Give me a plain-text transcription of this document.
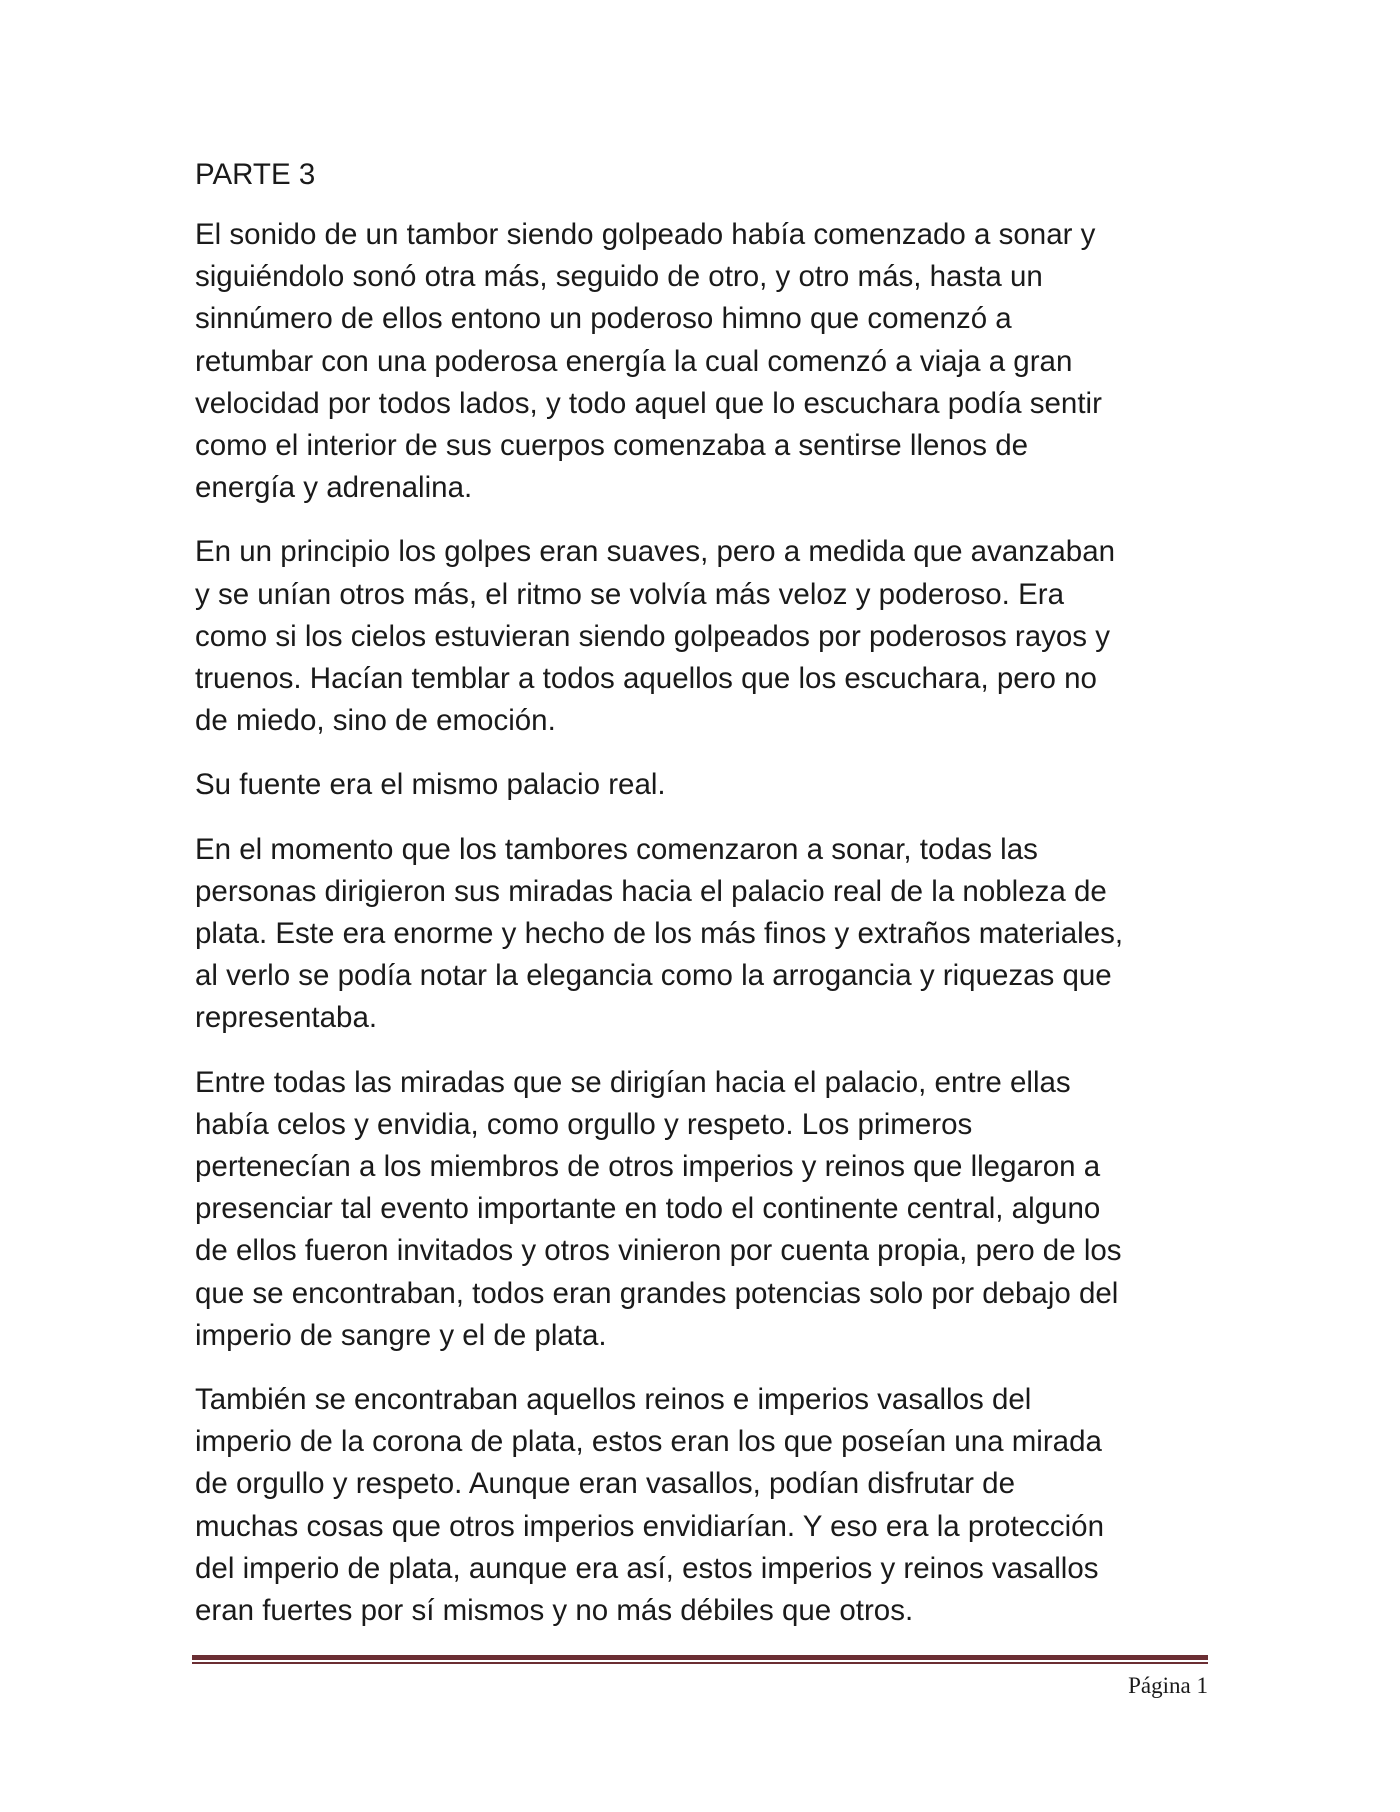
PARTE 3

El sonido de un tambor siendo golpeado había comenzado a sonar y
siguiéndolo sonó otra más, seguido de otro, y otro más, hasta un
sinnúmero de ellos entono un poderoso himno que comenzó a
retumbar con una poderosa energía la cual comenzó a viaja a gran
velocidad por todos lados, y todo aquel que lo escuchara podía sentir
como el interior de sus cuerpos comenzaba a sentirse llenos de
energía y adrenalina.

En un principio los golpes eran suaves, pero a medida que avanzaban
y se unían otros más, el ritmo se volvía más veloz y poderoso. Era
como si los cielos estuvieran siendo golpeados por poderosos rayos y
truenos. Hacían temblar a todos aquellos que los escuchara, pero no
de miedo, sino de emoción.

Su fuente era el mismo palacio real.

En el momento que los tambores comenzaron a sonar, todas las
personas dirigieron sus miradas hacia el palacio real de la nobleza de
plata. Este era enorme y hecho de los más finos y extraños materiales,
al verlo se podía notar la elegancia como la arrogancia y riquezas que
representaba.

Entre todas las miradas que se dirigían hacia el palacio, entre ellas
había celos y envidia, como orgullo y respeto. Los primeros
pertenecían a los miembros de otros imperios y reinos que llegaron a
presenciar tal evento importante en todo el continente central, alguno
de ellos fueron invitados y otros vinieron por cuenta propia, pero de los
que se encontraban, todos eran grandes potencias solo por debajo del
imperio de sangre y el de plata.

También se encontraban aquellos reinos e imperios vasallos del
imperio de la corona de plata, estos eran los que poseían una mirada
de orgullo y respeto. Aunque eran vasallos, podían disfrutar de
muchas cosas que otros imperios envidiarían. Y eso era la protección
del imperio de plata, aunque era así, estos imperios y reinos vasallos
eran fuertes por sí mismos y no más débiles que otros.

Página 1
